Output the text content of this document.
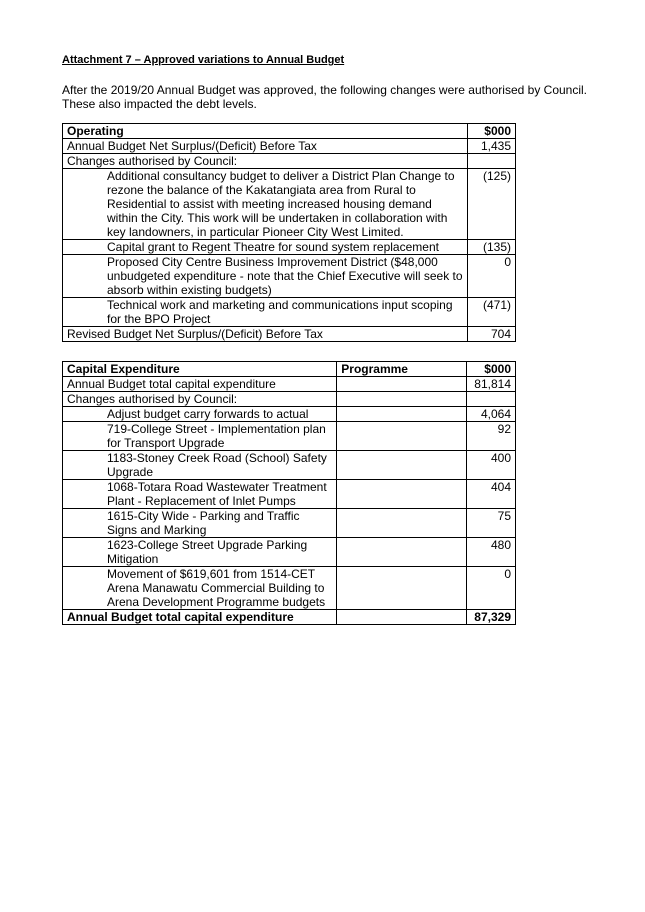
Attachment 7 – Approved variations to Annual Budget
After the 2019/20 Annual Budget was approved, the following changes were authorised by Council. These also impacted the debt levels.
Operating	$000
Annual Budget Net Surplus/(Deficit) Before Tax	1,435
Changes authorised by Council:	
Additional consultancy budget to deliver a District Plan Change to rezone the balance of the Kakatangiata area from Rural to Residential to assist with meeting increased housing demand within the City. This work will be undertaken in collaboration with key landowners, in particular Pioneer City West Limited.	(125)
Capital grant to Regent Theatre for sound system replacement	(135)
Proposed City Centre Business Improvement District ($48,000 unbudgeted expenditure - note that the Chief Executive will seek to absorb within existing budgets)	0
Technical work and marketing and communications input scoping for the BPO Project	(471)
Revised Budget Net Surplus/(Deficit) Before Tax	704
Capital Expenditure	Programme	$000
Annual Budget total capital expenditure		81,814
Changes authorised by Council:		
Adjust budget carry forwards to actual		4,064
719-College Street - Implementation plan for Transport Upgrade		92
1183-Stoney Creek Road (School) Safety Upgrade		400
1068-Totara Road Wastewater Treatment Plant - Replacement of Inlet Pumps		404
1615-City Wide - Parking and Traffic Signs and Marking		75
1623-College Street Upgrade Parking Mitigation		480
Movement of $619,601 from 1514-CET Arena Manawatu Commercial Building to Arena Development Programme budgets		0
Annual Budget total capital expenditure		87,329
